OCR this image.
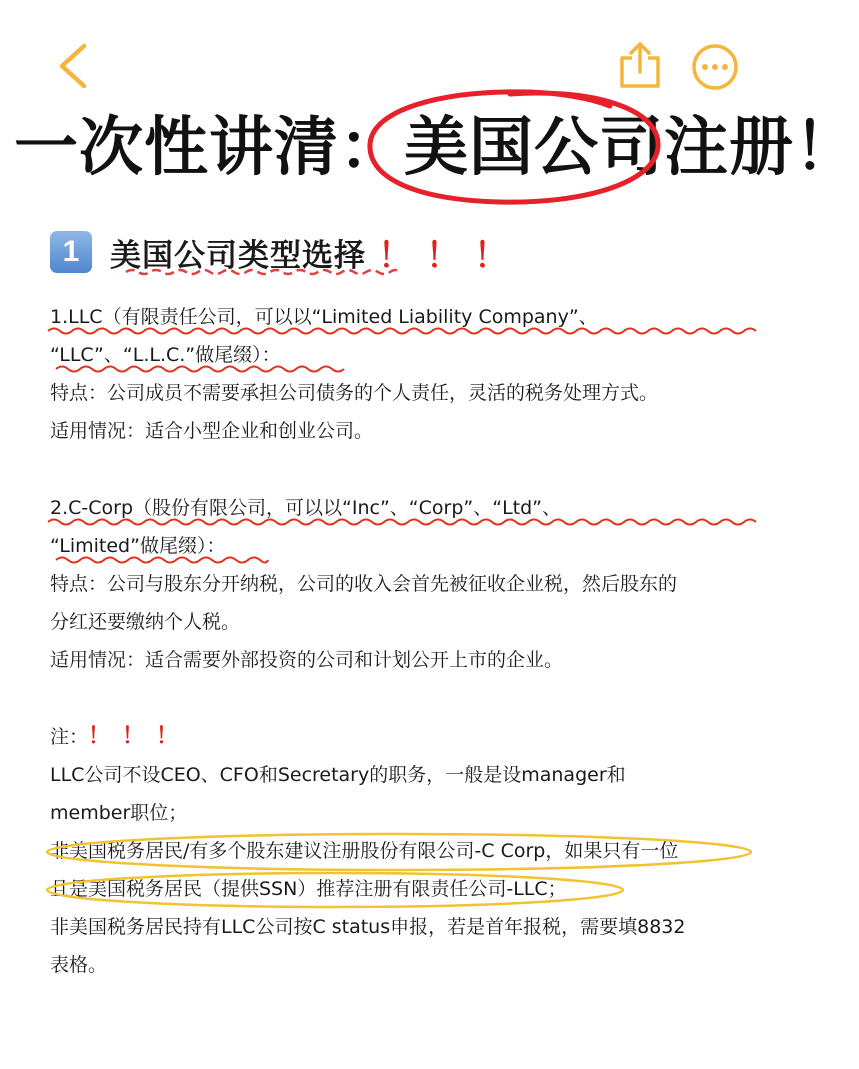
一次性讲清：美国公司注册！
1 美国公司类型选择 ！！！
1.LLC（有限责任公司，可以以“Limited Liability Company”、
“LLC”、“L.L.C.”做尾缀）：
特点：公司成员不需要承担公司债务的个人责任，灵活的税务处理方式。
适用情况：适合小型企业和创业公司。
2.C-Corp（股份有限公司，可以以“Inc”、“Corp”、“Ltd”、
“Limited”做尾缀）：
特点：公司与股东分开纳税，公司的收入会首先被征收企业税，然后股东的
分红还要缴纳个人税。
适用情况：适合需要外部投资的公司和计划公开上市的企业。
注：！！！
LLC公司不设CEO、CFO和Secretary的职务，一般是设manager和
member职位；
非美国税务居民/有多个股东建议注册股份有限公司-C Corp，如果只有一位
且是美国税务居民（提供SSN）推荐注册有限责任公司-LLC；
非美国税务居民持有LLC公司按C status申报，若是首年报税，需要填8832
表格。
